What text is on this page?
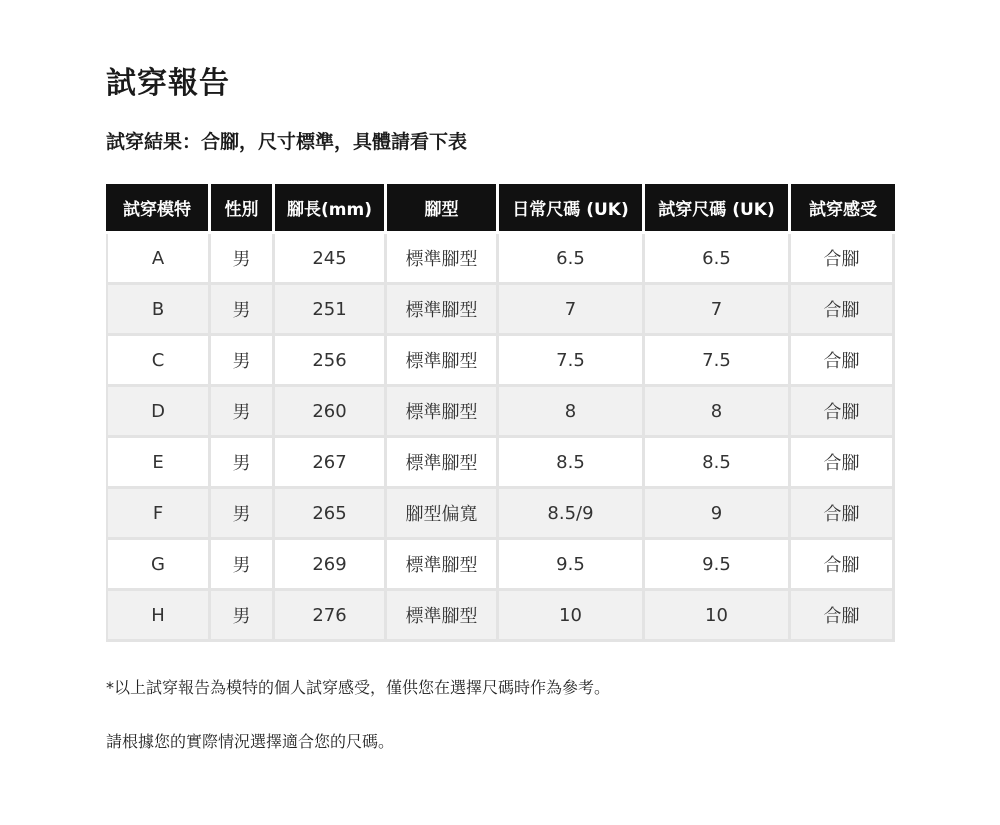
試穿報告
試穿結果：合腳，尺寸標準，具體請看下表
試穿模特	性別	腳長(mm)	腳型	日常尺碼 (UK)	試穿尺碼 (UK)	試穿感受
A	男	245	標準腳型	6.5	6.5	合腳
B	男	251	標準腳型	7	7	合腳
C	男	256	標準腳型	7.5	7.5	合腳
D	男	260	標準腳型	8	8	合腳
E	男	267	標準腳型	8.5	8.5	合腳
F	男	265	腳型偏寬	8.5/9	9	合腳
G	男	269	標準腳型	9.5	9.5	合腳
H	男	276	標準腳型	10	10	合腳

*以上試穿報告為模特的個人試穿感受，僅供您在選擇尺碼時作為參考。

請根據您的實際情況選擇適合您的尺碼。
